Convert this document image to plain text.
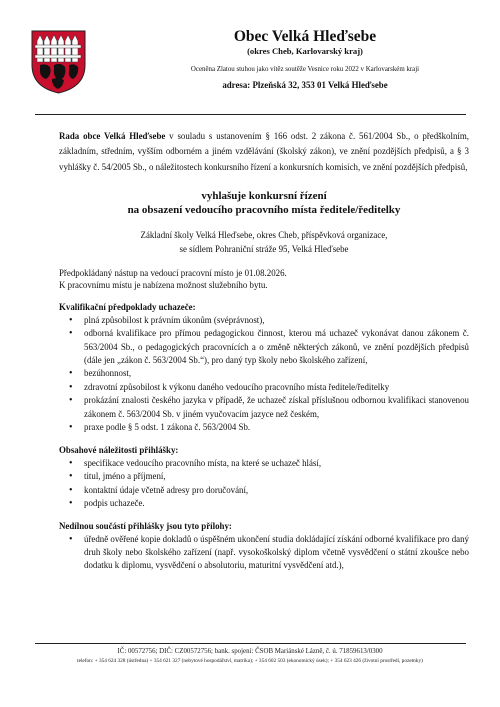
Obec Velká Hleďsebe
(okres Cheb, Karlovarský kraj)
Oceněna Zlatou stuhou jako vítěz soutěže Vesnice roku 2022 v Karlovarském kraji
adresa: Plzeňská 32, 353 01 Velká Hleďsebe

Rada obce Velká Hleďsebe v souladu s ustanovením § 166 odst. 2 zákona č. 561/2004 Sb., o předškolním, základním, středním, vyšším odborném a jiném vzdělávání (školský zákon), ve znění pozdějších předpisů, a § 3 vyhlášky č. 54/2005 Sb., o náležitostech konkursního řízení a konkursních komisích, ve znění pozdějších předpisů,

vyhlašuje konkursní řízení
na obsazení vedoucího pracovního místa ředitele/ředitelky

Základní školy Velká Hleďsebe, okres Cheb, příspěvková organizace,
se sídlem Pohraniční stráže 95, Velká Hleďsebe

Předpokládaný nástup na vedoucí pracovní místo je 01.08.2026.
K pracovnímu místu je nabízena možnost služebního bytu.

Kvalifikační předpoklady uchazeče:

• plná způsobilost k právním úkonům (svéprávnost),
• odborná kvalifikace pro přímou pedagogickou činnost, kterou má uchazeč vykonávat danou zákonem č. 563/2004 Sb., o pedagogických pracovnících a o změně některých zákonů, ve znění pozdějších předpisů (dále jen „zákon č. 563/2004 Sb.“), pro daný typ školy nebo školského zařízení,
• bezúhonnost,
• zdravotní způsobilost k výkonu daného vedoucího pracovního místa ředitele/ředitelky
• prokázání znalosti českého jazyka v případě, že uchazeč získal příslušnou odbornou kvalifikaci stanovenou zákonem č. 563/2004 Sb. v jiném vyučovacím jazyce než českém,
• praxe podle § 5 odst. 1 zákona č. 563/2004 Sb.

Obsahové náležitosti přihlášky:

• specifikace vedoucího pracovního místa, na které se uchazeč hlásí,
• titul, jméno a příjmení,
• kontaktní údaje včetně adresy pro doručování,
• podpis uchazeče.

Nedílnou součástí přihlášky jsou tyto přílohy:

• úředně ověřené kopie dokladů o úspěšném ukončení studia dokládající získání odborné kvalifikace pro daný druh školy nebo školského zařízení (např. vysokoškolský diplom včetně vysvědčení o státní zkoušce nebo dodatku k diplomu, vysvědčení o absolutoriu, maturitní vysvědčení atd.),
IČ: 00572756; DIČ: CZ00572756; bank. spojení: ČSOB Mariánské Lázně, č. ú. 71859613/0300
telefon: + 354 624 328 (ústředna) + 354 621 327 (nebytové hospodářství, matrika); + 354 602 503 (ekonomický úsek); + 354 623 426 (životní prostředí, pozemky)
